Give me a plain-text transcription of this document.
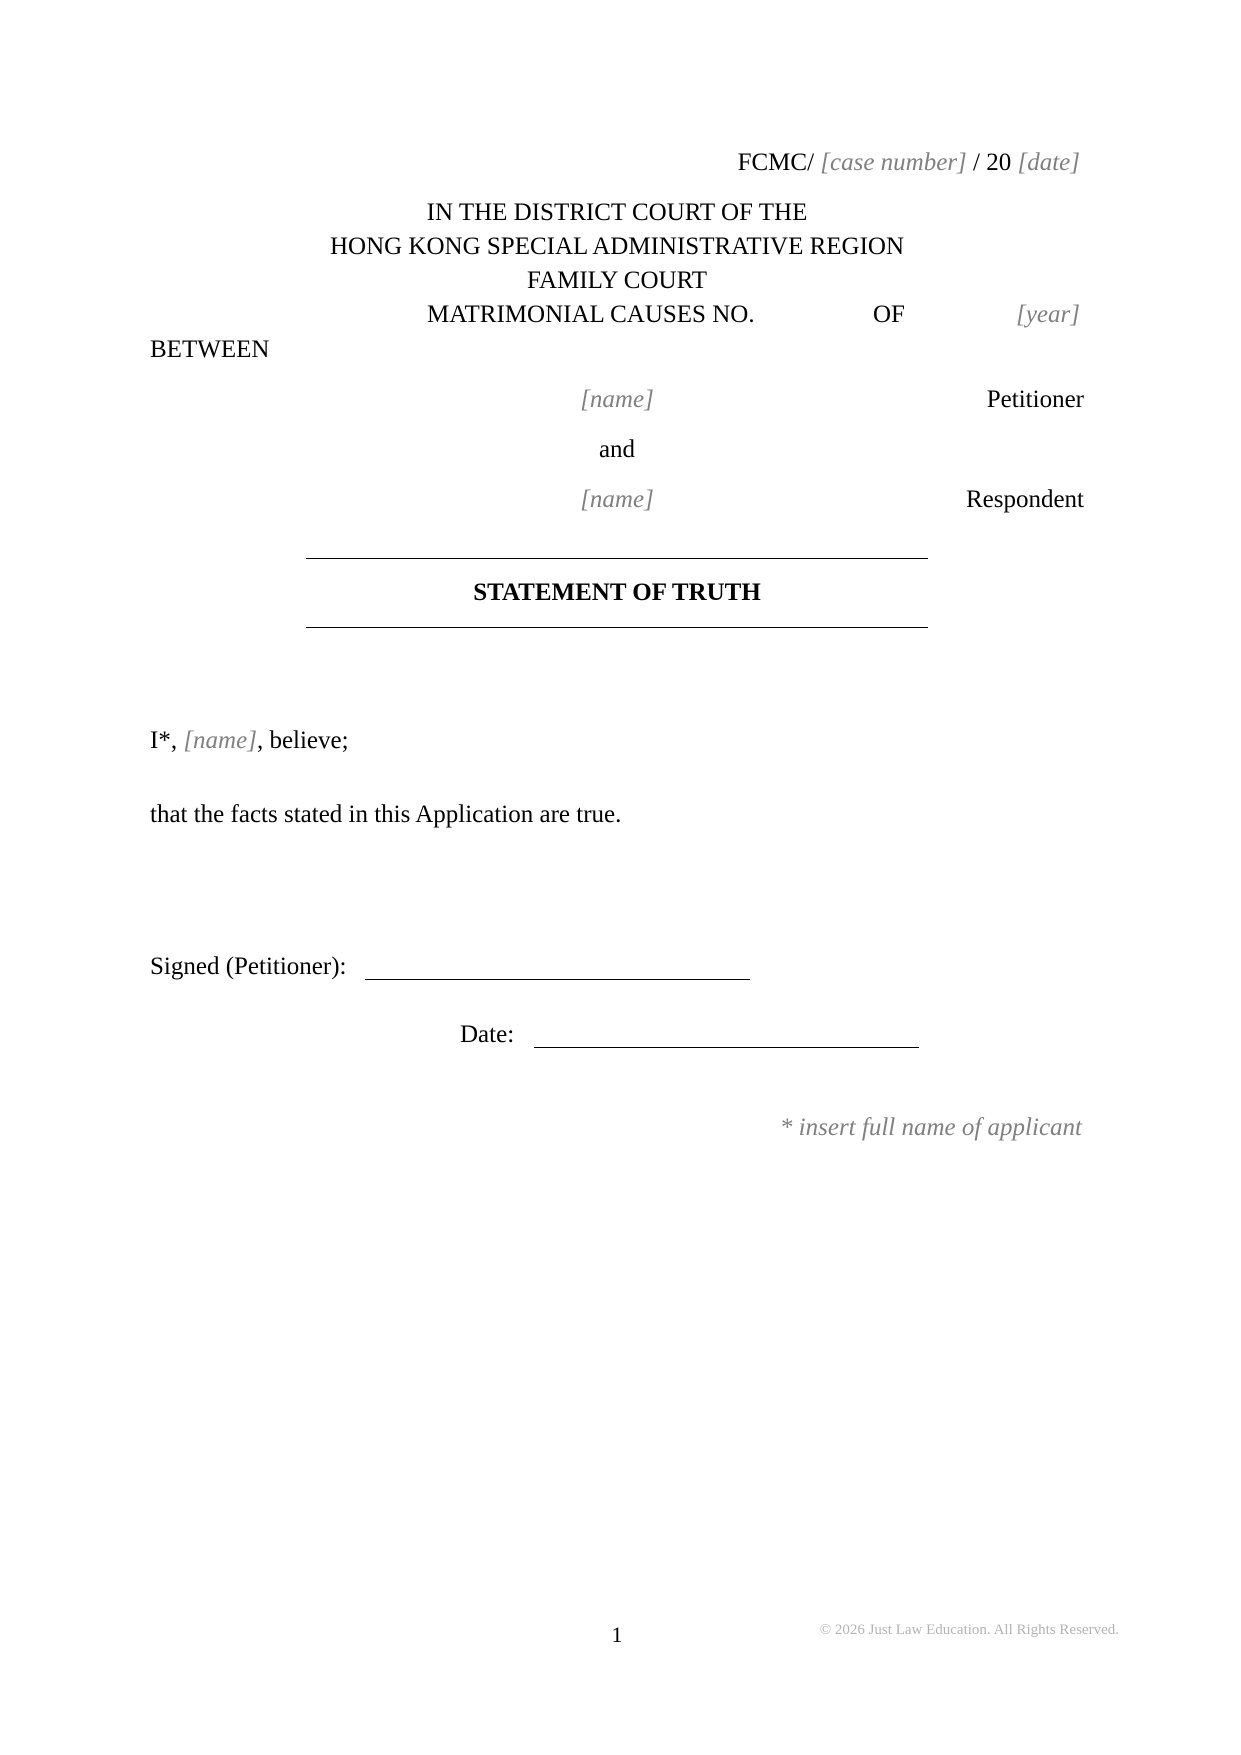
FCMC/ [case number] / 20 [date]
IN THE DISTRICT COURT OF THE
HONG KONG SPECIAL ADMINISTRATIVE REGION
FAMILY COURT
MATRIMONIAL CAUSES NO.	OF	[year]
BETWEEN
[name]	Petitioner
and
[name]	Respondent
STATEMENT OF TRUTH
I*, [name], believe;
that the facts stated in this Application are true.
Signed (Petitioner):
Date:
* insert full name of applicant
1	© 2026 Just Law Education. All Rights Reserved.
